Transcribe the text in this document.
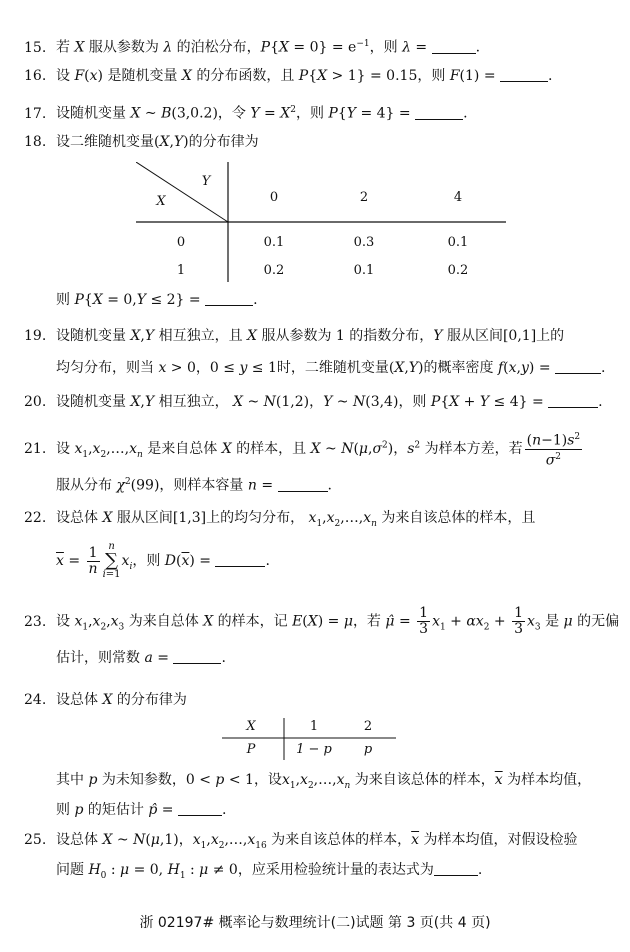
15. 若 X 服从参数为 λ 的泊松分布，$P\{X = 0\} = e^{-1}$，则 λ =	.
16. 设 F(x) 是随机变量 X 的分布函数，且 P{X > 1} = 0.15，则 F(1) =	.
17. 设随机变量 X ~ B(3,0.2)，令 $Y = X^2$，则 P{Y = 4} =	.
18. 设二维随机变量(X,Y)的分布律为
Y
X	0	2	4
0	0.1	0.3	0.1
1	0.2	0.1	0.2
则 P{X = 0,Y ≤ 2} =	.
19. 设随机变量 X,Y 相互独立，且 X 服从参数为 1 的指数分布，Y 服从区间[0,1]上的
均匀分布，则当 x > 0，0 ≤ y ≤ 1时，二维随机变量(X,Y)的概率密度 f(x,y) =	.
20. 设随机变量 X,Y 相互独立， X ~ N(1,2)，Y ~ N(3,4)，则 P{X + Y ≤ 4} =	.
21. 设 $x_1,x_2,\dots,x_n$ 是来自总体 X 的样本，且 X ~ $N(\mu,\sigma^2)$，$s^2$ 为样本方差，若 $\frac{(n-1)s^2}{\sigma^2}$
服从分布 $\chi^2(99)$，则样本容量 n =	.
22. 设总体 X 服从区间[1,3]上的均匀分布， $x_1,x_2,\dots,x_n$ 为来自该总体的样本，且
$\overline{x} = \frac{1}{n}$ n
∑
$i=1x_i$，则 $D(\overline{x})$ =	.
23. 设 $x_1,x_2,x_3$ 为来自总体 X 的样本，记 E(X) = μ，若 μ̂ = $\frac{1}{3} x_1 + \alpha x_2 + \frac{1}{3} x_3$ 是 μ 的无偏
估计，则常数 a =	.
24. 设总体 X 的分布律为
X	1	2
P	1 − p	p
其中 p 为未知参数，0 < p < 1，设$x_1,x_2,\dots,x_n$ 为来自该总体的样本，$\overline{x}$ 为样本均值，
则 p 的矩估计 p̂ =	.
25. 设总体 X ~ N(μ,1)，$x_1,x_2,\dots,x_{16}$ 为来自该总体的样本，$\overline{x}$ 为样本均值，对假设检验
问题 $H_0$ : μ = 0, $H_1$ : μ ≠ 0，应采用检验统计量的表达式为	.
浙 02197# 概率论与数理统计(二)试题 第 3 页(共 4 页)
